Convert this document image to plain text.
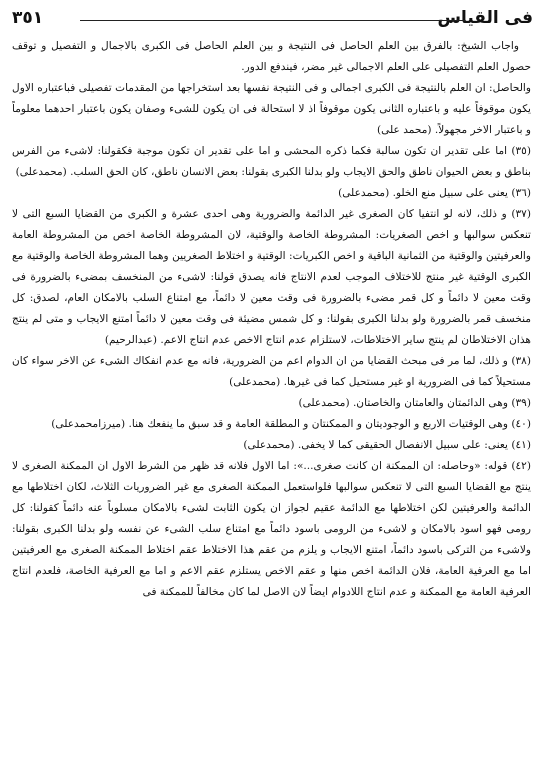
فى القياس
٣٥١

واجاب الشيخ: بالفرق بين العلم الحاصل فى النتيجة و بين العلم الحاصل فى الكبرى بالاجمال و التفصيل و توقف حصول العلم التفصيلى على العلم الاجمالى غير مضر، فيندفع الدور.

والحاصل: ان العلم بالنتيجة فى الكبرى اجمالى و فى النتيجة نفسها بعد استخراجها من المقدمات تفصيلى فباعتباره الاول يكون موقوفاً عليه و باعتباره الثانى يكون موقوفاً اذ لا استحالة فى ان يكون للشىء وصفان يكون باعتبار احدهما معلوماً و باعتبار الاخر مجهولاً. (محمد على)

(٣٥) اما على تقدير ان تكون سالبة فكما ذكره المحشى و اما على تقدير ان تكون موجبة فكقولنا: لاشىء من الفرس بناطق و بعض الحيوان ناطق والحق الايجاب ولو بدلنا الكبرى بقولنا: بعض الانسان ناطق، كان الحق السلب. (محمدعلى)

(٣٦) يعنى على سبيل منع الخلو. (محمدعلى)

(٣٧) و ذلك، لانه لو انتفيا كان الصغرى غير الدائمة والضرورية وهى احدى عشرة و الكبرى من القضايا السبع التى لا تنعكس سوالبها و اخص الصغريات: المشروطة الخاصة والوقتية، لان المشروطة الخاصة اخص من المشروطة العامة والعرفيتين والوقتية من الثمانية الباقية و اخص الكبريات: الوقتية و اختلاط الصغريين وهما المشروطة الخاصة والوقتية مع الكبرى الوقتية غير منتج للاختلاف الموجب لعدم الانتاج فانه يصدق قولنا: لاشىء من المنخسف بمضىء بالضرورة فى وقت معين لا دائماً و كل قمر مضىء بالضرورة فى وقت معين لا دائماً، مع امتناع السلب بالامكان العام، لصدق: كل منخسف قمر بالضرورة ولو بدلنا الكبرى بقولنا: و كل شمس مضيئة فى وقت معين لا دائماً امتنع الايجاب و متى لم ينتج هذان الاختلاطان لم ينتج ساير الاختلاطات، لاستلزام عدم انتاج الاخص عدم انتاج الاعم. (عبدالرحيم)

(٣٨) و ذلك، لما مر فى مبحث القضايا من ان الدوام اعم من الضرورية، فانه مع عدم انفكاك الشىء عن الاخر سواء كان مستحيلاً كما فى الضرورية او غير مستحيل كما فى غيرها. (محمدعلى)

(٣٩) وهى الدائمتان والعامتان والخاصتان. (محمدعلى)

(٤٠) وهى الوقتيات الاربع و الوجوديتان و الممكنتان و المطلقة العامة و قد سبق ما ينفعك هنا. (ميرزامحمدعلى)

(٤١) يعنى: على سبيل الانفصال الحقيقى كما لا يخفى. (محمدعلى)

(٤٢) قوله: «وحاصله: ان الممكنة ان كانت صغرى...»: اما الاول فلانه قد ظهر من الشرط الاول ان الممكنة الصغرى لا ينتج مع القضايا السبع التى لا تنعكس سوالبها فلواستعمل الممكنة الصغرى مع غير الضروريات الثلاث، لكان اختلاطها مع الدائمة والعرفيتين لكن اختلاطها مع الدائمة عقيم لجواز ان يكون الثابت لشىء بالامكان مسلوباً عنه دائماً كقولنا: كل رومى فهو اسود بالامكان و لاشىء من الرومى باسود دائماً مع امتناع سلب الشىء عن نفسه ولو بدلنا الكبرى بقولنا: ولاشىء من التركى باسود دائماً، امتنع الايجاب و يلزم من عقم هذا الاختلاط عقم اختلاط الممكنة الصغرى مع العرفيتين اما مع العرفية العامة، فلان الدائمة اخص منها و عقم الاخص يستلزم عقم الاعم و اما مع العرفية الخاصة، فلعدم انتاج العرفية العامة مع الممكنة و عدم انتاج اللادوام ايضاً لان الاصل لما كان مخالفاً للممكنة فى
